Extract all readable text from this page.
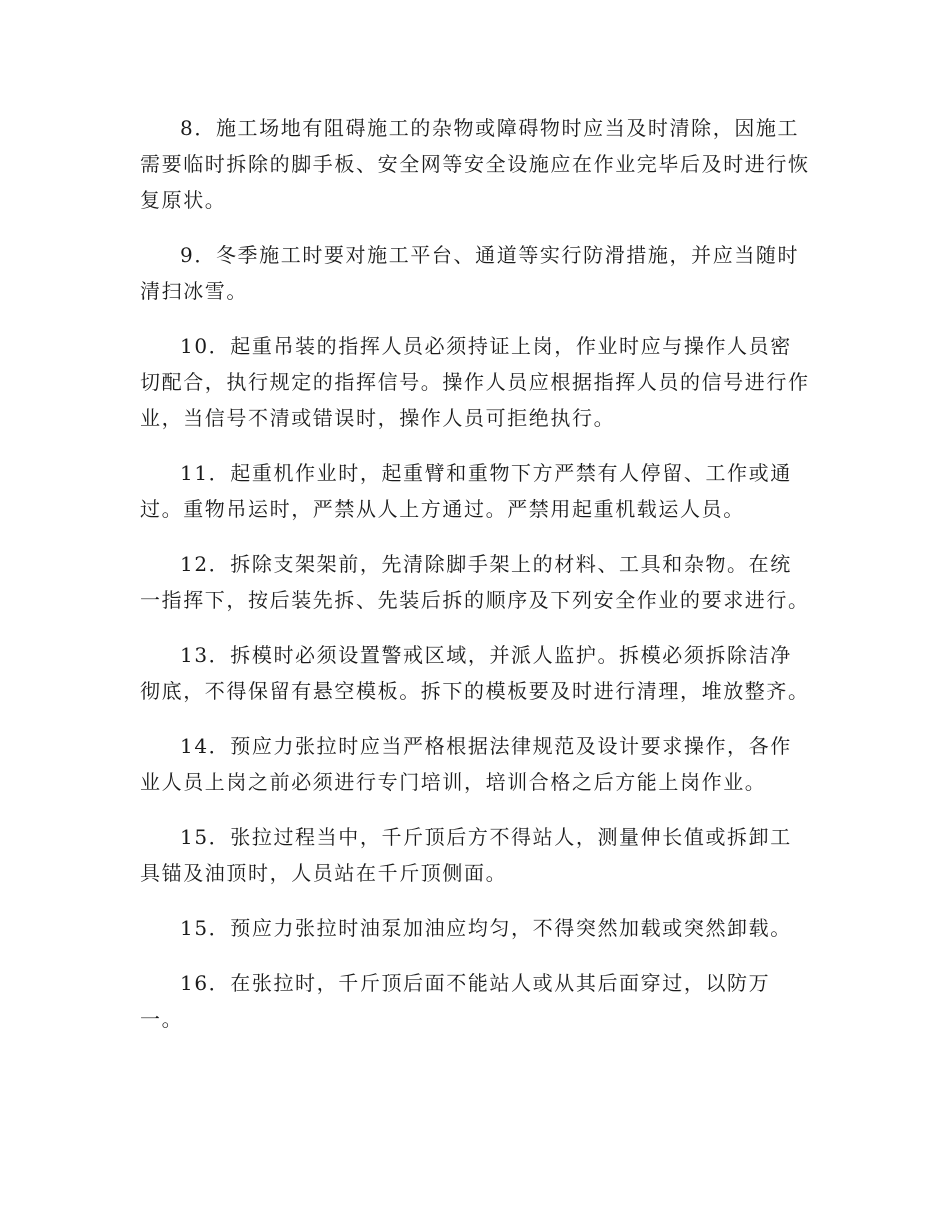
8．施工场地有阻碍施工的杂物或障碍物时应当及时清除，因施工需要临时拆除的脚手板、安全网等安全设施应在作业完毕后及时进行恢复原状。

9．冬季施工时要对施工平台、通道等实行防滑措施，并应当随时清扫冰雪。

10．起重吊装的指挥人员必须持证上岗，作业时应与操作人员密切配合，执行规定的指挥信号。操作人员应根据指挥人员的信号进行作业，当信号不清或错误时，操作人员可拒绝执行。

11．起重机作业时，起重臂和重物下方严禁有人停留、工作或通过。重物吊运时，严禁从人上方通过。严禁用起重机载运人员。

12．拆除支架架前，先清除脚手架上的材料、工具和杂物。在统一指挥下，按后装先拆、先装后拆的顺序及下列安全作业的要求进行。

13．拆模时必须设置警戒区域，并派人监护。拆模必须拆除洁净彻底，不得保留有悬空模板。拆下的模板要及时进行清理，堆放整齐。

14．预应力张拉时应当严格根据法律规范及设计要求操作，各作业人员上岗之前必须进行专门培训，培训合格之后方能上岗作业。

15．张拉过程当中，千斤顶后方不得站人，测量伸长值或拆卸工具锚及油顶时，人员站在千斤顶侧面。

15．预应力张拉时油泵加油应均匀，不得突然加载或突然卸载。

16．在张拉时，千斤顶后面不能站人或从其后面穿过，以防万一。
